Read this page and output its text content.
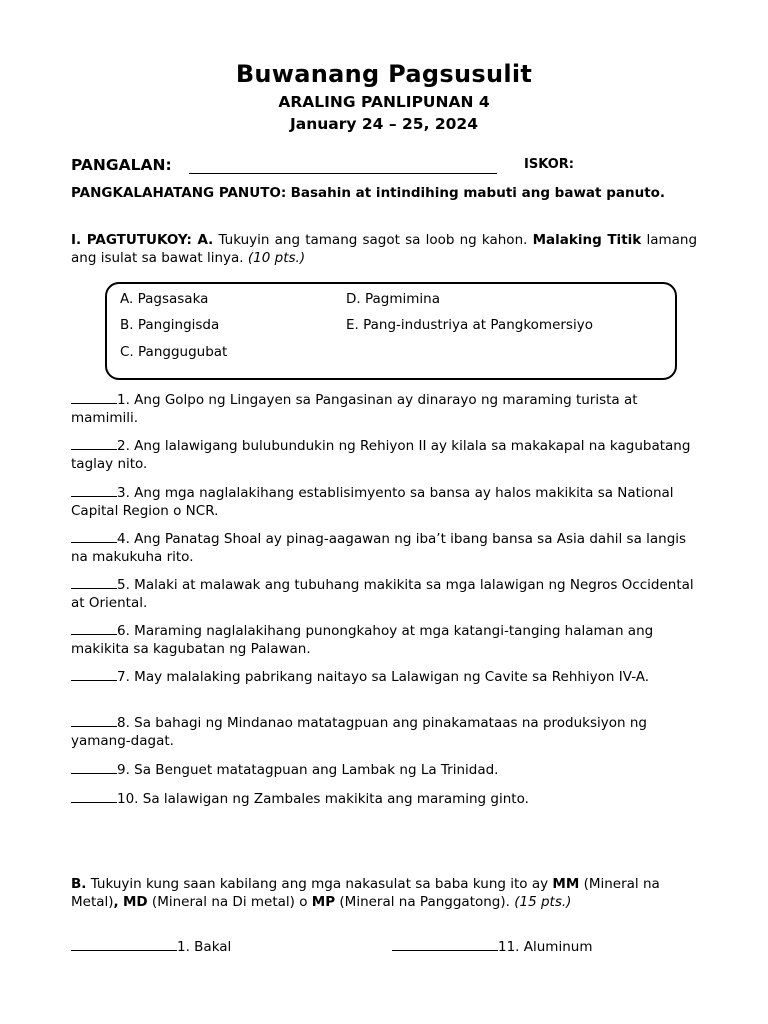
Buwanang Pagsusulit
ARALING PANLIPUNAN 4
January 24 – 25, 2024
PANGALAN:	ISKOR:
PANGKALAHATANG PANUTO: Basahin at intindihing mabuti ang bawat panuto.
I. PAGTUTUKOY: A. Tukuyin ang tamang sagot sa loob ng kahon. Malaking Titik lamang ang isulat sa bawat linya. (10 pts.)
A. Pagsasaka
B. Pangingisda
C. Panggugubat
D. Pagmimina
E. Pang-industriya at Pangkomersiyo
1. Ang Golpo ng Lingayen sa Pangasinan ay dinarayo ng maraming turista at mamimili.
2. Ang lalawigang bulubundukin ng Rehiyon II ay kilala sa makakapal na kagubatang taglay nito.
3. Ang mga naglalakihang establisimyento sa bansa ay halos makikita sa National Capital Region o NCR.
4. Ang Panatag Shoal ay pinag-aagawan ng iba’t ibang bansa sa Asia dahil sa langis na makukuha rito.
5. Malaki at malawak ang tubuhang makikita sa mga lalawigan ng Negros Occidental at Oriental.
6. Maraming naglalakihang punongkahoy at mga katangi-tanging halaman ang makikita sa kagubatan ng Palawan.
7. May malalaking pabrikang naitayo sa Lalawigan ng Cavite sa Rehhiyon IV-A.
8. Sa bahagi ng Mindanao matatagpuan ang pinakamataas na produksiyon ng yamang-dagat.
9. Sa Benguet matatagpuan ang Lambak ng La Trinidad.
10. Sa lalawigan ng Zambales makikita ang maraming ginto.
B. Tukuyin kung saan kabilang ang mga nakasulat sa baba kung ito ay MM (Mineral na Metal), MD (Mineral na Di metal) o MP (Mineral na Panggatong). (15 pts.)
1. Bakal	11. Aluminum
